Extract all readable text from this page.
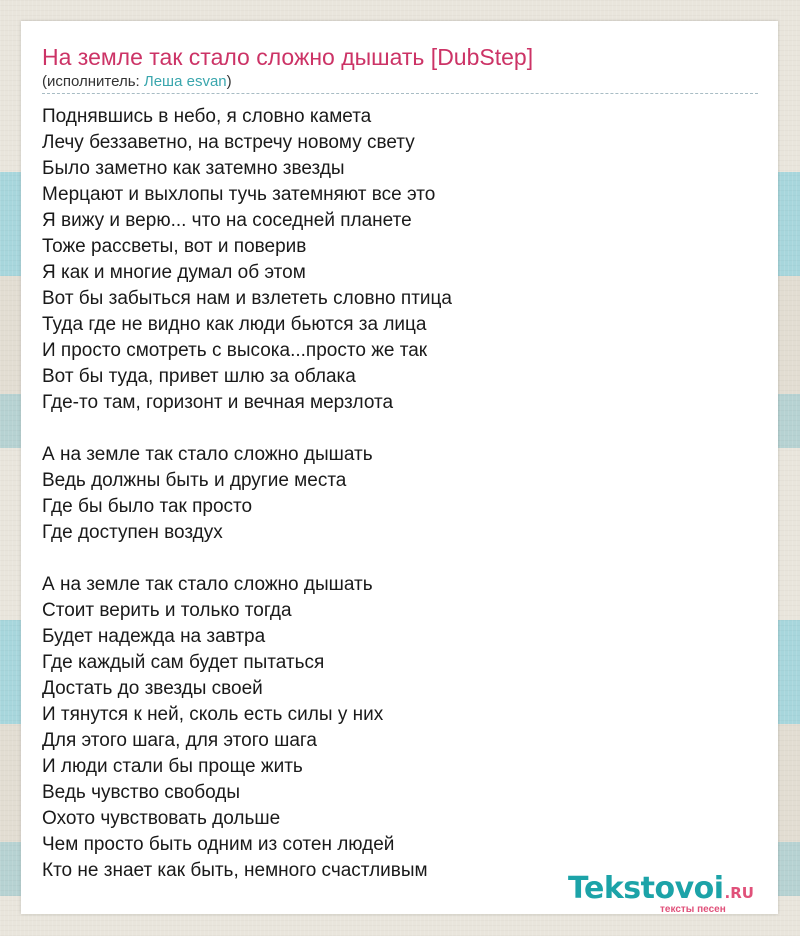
На земле так стало сложно дышать [DubStep]
(исполнитель: Леша esvan)
Поднявшись в небо, я словно камета
Лечу беззаветно, на встречу новому свету
Было заметно как затемно звезды
Мерцают и выхлопы тучь затемняют все это
Я вижу и верю... что на соседней планете
Тоже рассветы, вот и поверив
Я как и многие думал об этом
Вот бы забыться нам и взлететь словно птица
Туда где не видно как люди бьются за лица
И просто смотреть с высока...просто же так
Вот бы туда, привет шлю за облака
Где-то там, горизонт и вечная мерзлота
А на земле так стало сложно дышать
Ведь должны быть и другие места
Где бы было так просто
Где доступен воздух
А на земле так стало сложно дышать
Стоит верить и только тогда
Будет надежда на завтра
Где каждый сам будет пытаться
Достать до звезды своей
И тянутся к ней, сколь есть силы у них
Для этого шага, для этого шага
И люди стали бы проще жить
Ведь чувство свободы
Охото чувствовать дольше
Чем просто быть одним из сотен людей
Кто не знает как быть, немного счастливым
Tekstovoi.RU
тексты песен
